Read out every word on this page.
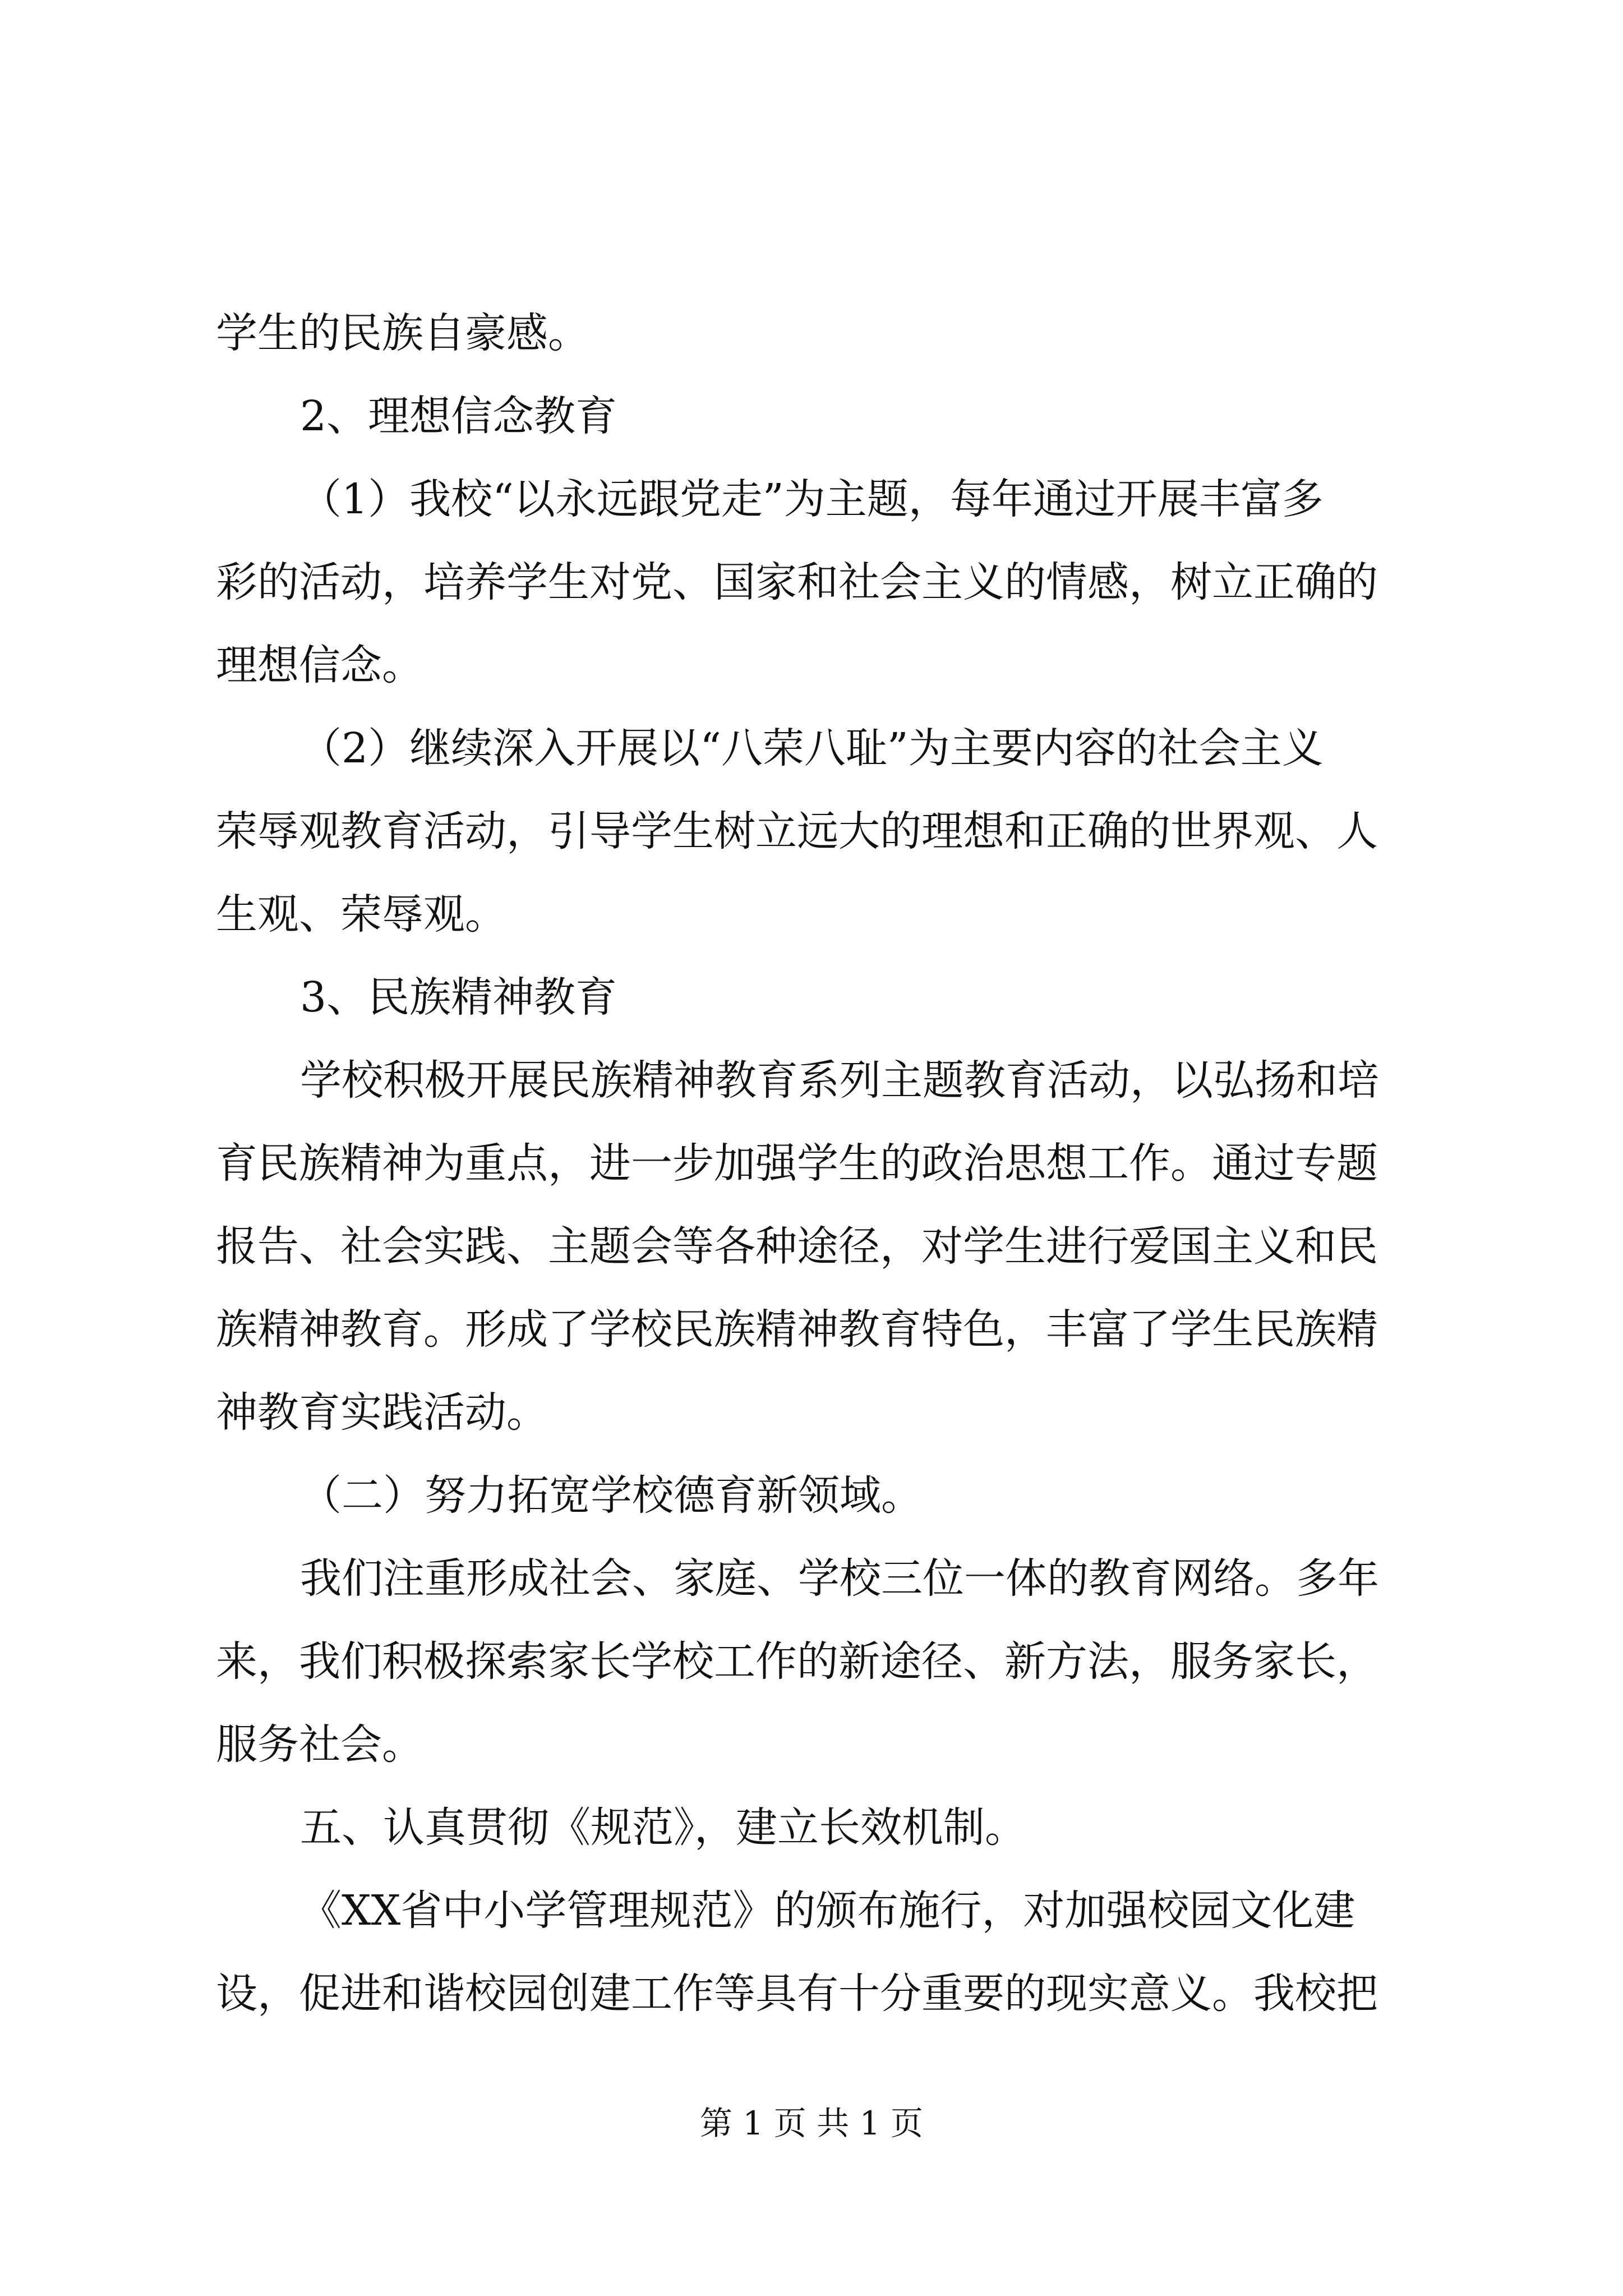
学生的民族自豪感。
2、理想信念教育
（1）我校“以永远跟党走”为主题，每年通过开展丰富多
彩的活动，培养学生对党、国家和社会主义的情感，树立正确的
理想信念。
（2）继续深入开展以“八荣八耻”为主要内容的社会主义
荣辱观教育活动，引导学生树立远大的理想和正确的世界观、人
生观、荣辱观。
3、民族精神教育
学校积极开展民族精神教育系列主题教育活动，以弘扬和培
育民族精神为重点，进一步加强学生的政治思想工作。通过专题
报告、社会实践、主题会等各种途径，对学生进行爱国主义和民
族精神教育。形成了学校民族精神教育特色，丰富了学生民族精
神教育实践活动。
（二）努力拓宽学校德育新领域。
我们注重形成社会、家庭、学校三位一体的教育网络。多年
来，我们积极探索家长学校工作的新途径、新方法，服务家长，
服务社会。
五、认真贯彻《规范》，建立长效机制。
《XX省中小学管理规范》的颁布施行，对加强校园文化建
设，促进和谐校园创建工作等具有十分重要的现实意义。我校把
第 1 页 共 1 页
